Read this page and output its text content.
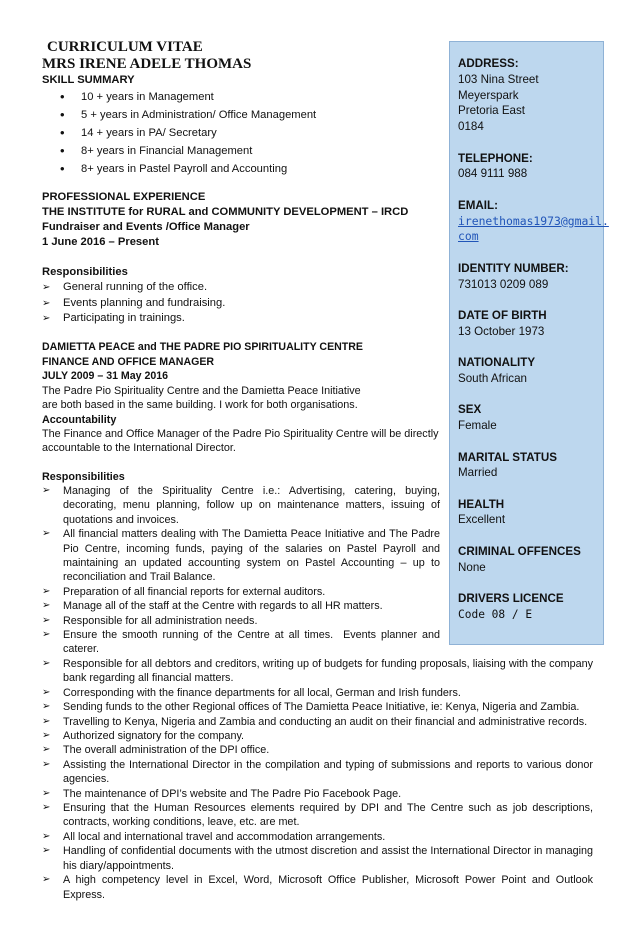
CURRICULUM VITAE
MRS IRENE ADELE THOMAS
SKILL SUMMARY
• 10 + years in Management
• 5 + years in Administration/ Office Management
• 14 + years in PA/ Secretary
• 8+ years in Financial Management
• 8+ years in Pastel Payroll and Accounting
PROFESSIONAL EXPERIENCE
THE INSTITUTE for RURAL and COMMUNITY DEVELOPMENT – IRCD
Fundraiser and Events /Office Manager
1 June 2016 – Present
Responsibilities
➢ General running of the office.
➢ Events planning and fundraising.
➢ Participating in trainings.
DAMIETTA PEACE and THE PADRE PIO SPIRITUALITY CENTRE
FINANCE AND OFFICE MANAGER
JULY 2009 – 31 May 2016
The Padre Pio Spirituality Centre and the Damietta Peace Initiative
are both based in the same building. I work for both organisations.
Accountability
The Finance and Office Manager of the Padre Pio Spirituality Centre will be directly accountable to the International Director.
Responsibilities
➢ Managing of the Spirituality Centre i.e.: Advertising, catering, buying, decorating, menu planning, follow up on maintenance matters, issuing of quotations and invoices.
➢ All financial matters dealing with The Damietta Peace Initiative and The Padre Pio Centre, incoming funds, paying of the salaries on Pastel Payroll and maintaining an updated accounting system on Pastel Accounting – up to reconciliation and Trail Balance.
➢ Preparation of all financial reports for external auditors.
➢ Manage all of the staff at the Centre with regards to all HR matters.
➢ Responsible for all administration needs.
➢ Ensure the smooth running of the Centre at all times.  Events planner and caterer.
➢ Responsible for all debtors and creditors, writing up of budgets for funding proposals, liaising with the company bank regarding all financial matters.
➢ Corresponding with the finance departments for all local, German and Irish funders.
➢ Sending funds to the other Regional offices of The Damietta Peace Initiative, ie: Kenya, Nigeria and Zambia.
➢ Travelling to Kenya, Nigeria and Zambia and conducting an audit on their financial and administrative records.
➢ Authorized signatory for the company.
➢ The overall administration of the DPI office.
➢ Assisting the International Director in the compilation and typing of submissions and reports to various donor agencies.
➢ The maintenance of DPI’s website and The Padre Pio Facebook Page.
➢ Ensuring that the Human Resources elements required by DPI and The Centre such as job descriptions, contracts, working conditions, leave, etc. are met.
➢ All local and international travel and accommodation arrangements.
➢ Handling of confidential documents with the utmost discretion and assist the International Director in managing his diary/appointments.
➢ A high competency level in Excel, Word, Microsoft Office Publisher, Microsoft Power Point and Outlook Express.
ADDRESS:
103 Nina Street
Meyerspark
Pretoria East
0184
TELEPHONE:
084 9111 988
EMAIL:
irenethomas1973@gmail.
com
IDENTITY NUMBER:
731013 0209 089
DATE OF BIRTH
13 October 1973
NATIONALITY
South African
SEX
Female
MARITAL STATUS
Married
HEALTH
Excellent
CRIMINAL OFFENCES
None
DRIVERS LICENCE
Code 08 / E
